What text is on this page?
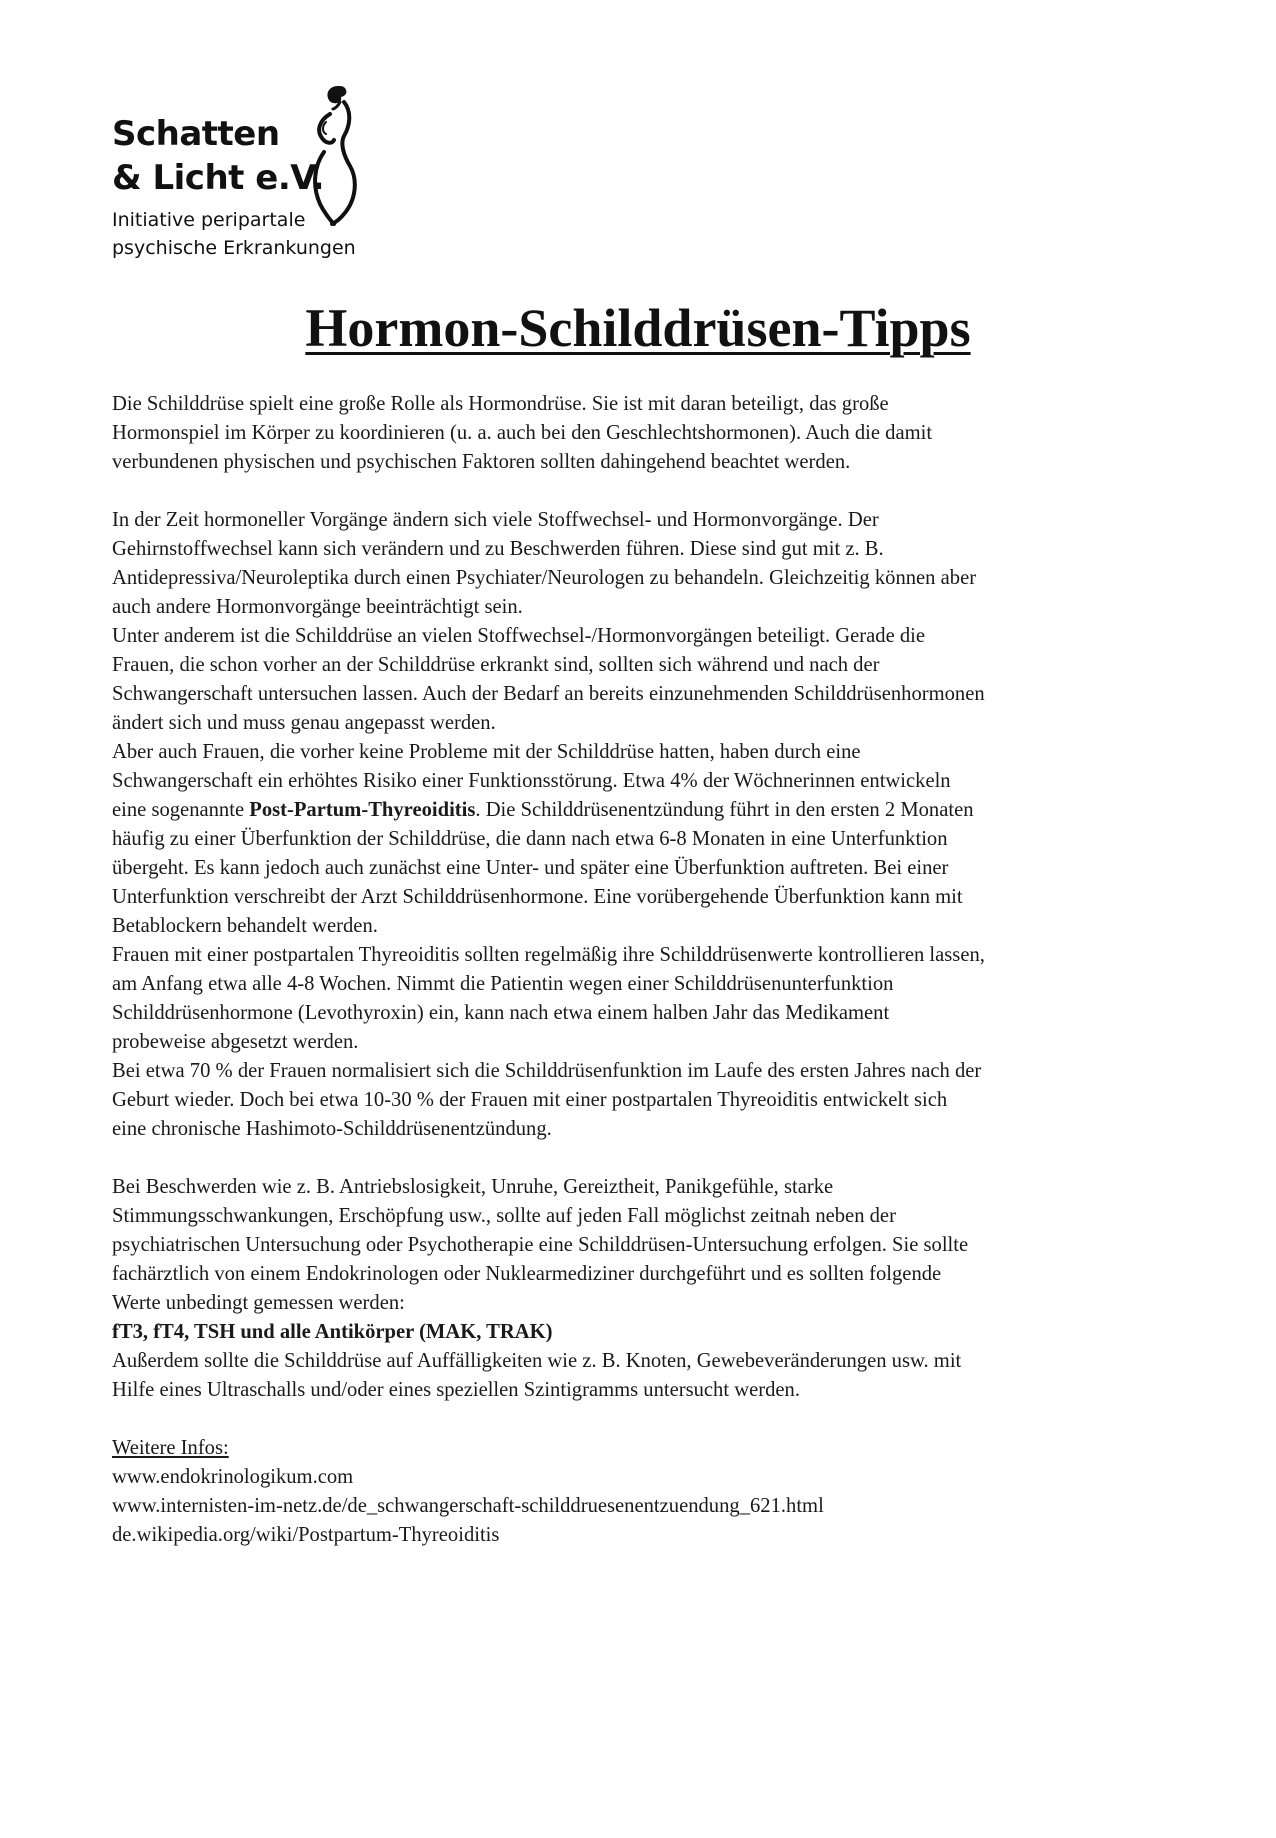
Schatten
& Licht e.V.
Initiative peripartale
psychische Erkrankungen
Hormon-Schilddrüsen-Tipps

Die Schilddrüse spielt eine große Rolle als Hormondrüse. Sie ist mit daran beteiligt, das große
Hormonspiel im Körper zu koordinieren (u. a. auch bei den Geschlechtshormonen). Auch die damit
verbundenen physischen und psychischen Faktoren sollten dahingehend beachtet werden.

In der Zeit hormoneller Vorgänge ändern sich viele Stoffwechsel- und Hormonvorgänge. Der
Gehirnstoffwechsel kann sich verändern und zu Beschwerden führen. Diese sind gut mit z. B.
Antidepressiva/Neuroleptika durch einen Psychiater/Neurologen zu behandeln. Gleichzeitig können aber
auch andere Hormonvorgänge beeinträchtigt sein.

Unter anderem ist die Schilddrüse an vielen Stoffwechsel-/Hormonvorgängen beteiligt. Gerade die
Frauen, die schon vorher an der Schilddrüse erkrankt sind, sollten sich während und nach der
Schwangerschaft untersuchen lassen. Auch der Bedarf an bereits einzunehmenden Schilddrüsenhormonen
ändert sich und muss genau angepasst werden.

Aber auch Frauen, die vorher keine Probleme mit der Schilddrüse hatten, haben durch eine
Schwangerschaft ein erhöhtes Risiko einer Funktionsstörung. Etwa 4% der Wöchnerinnen entwickeln
eine sogenannte Post-Partum-Thyreoiditis. Die Schilddrüsenentzündung führt in den ersten 2 Monaten
häufig zu einer Überfunktion der Schilddrüse, die dann nach etwa 6-8 Monaten in eine Unterfunktion
übergeht. Es kann jedoch auch zunächst eine Unter- und später eine Überfunktion auftreten. Bei einer
Unterfunktion verschreibt der Arzt Schilddrüsenhormone. Eine vorübergehende Überfunktion kann mit
Betablockern behandelt werden.

Frauen mit einer postpartalen Thyreoiditis sollten regelmäßig ihre Schilddrüsenwerte kontrollieren lassen,
am Anfang etwa alle 4-8 Wochen. Nimmt die Patientin wegen einer Schilddrüsenunterfunktion
Schilddrüsenhormone (Levothyroxin) ein, kann nach etwa einem halben Jahr das Medikament
probeweise abgesetzt werden.

Bei etwa 70 % der Frauen normalisiert sich die Schilddrüsenfunktion im Laufe des ersten Jahres nach der
Geburt wieder. Doch bei etwa 10-30 % der Frauen mit einer postpartalen Thyreoiditis entwickelt sich
eine chronische Hashimoto-Schilddrüsenentzündung.

Bei Beschwerden wie z. B. Antriebslosigkeit, Unruhe, Gereiztheit, Panikgefühle, starke
Stimmungsschwankungen, Erschöpfung usw., sollte auf jeden Fall möglichst zeitnah neben der
psychiatrischen Untersuchung oder Psychotherapie eine Schilddrüsen-Untersuchung erfolgen. Sie sollte
fachärztlich von einem Endokrinologen oder Nuklearmediziner durchgeführt und es sollten folgende
Werte unbedingt gemessen werden:
fT3, fT4, TSH und alle Antikörper (MAK, TRAK)
Außerdem sollte die Schilddrüse auf Auffälligkeiten wie z. B. Knoten, Gewebeveränderungen usw. mit
Hilfe eines Ultraschalls und/oder eines speziellen Szintigramms untersucht werden.

Weitere Infos:
www.endokrinologikum.com
www.internisten-im-netz.de/de_schwangerschaft-schilddruesenentzuendung_621.html
de.wikipedia.org/wiki/Postpartum-Thyreoiditis
